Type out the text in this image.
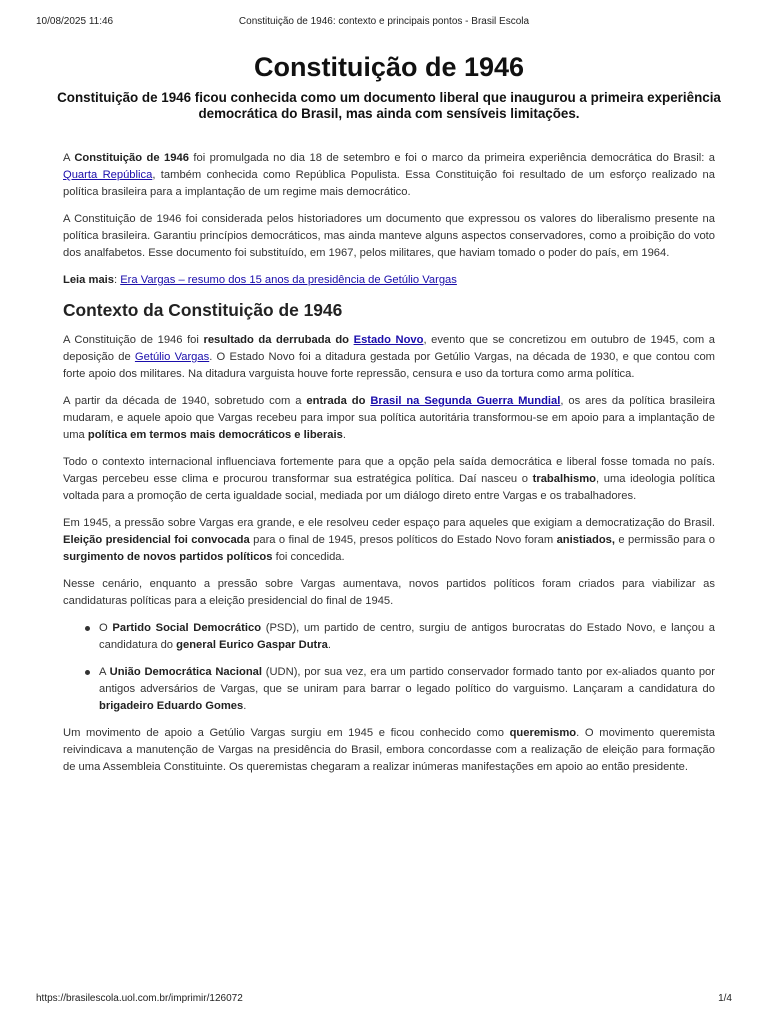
10/08/2025 11:46	Constituição de 1946: contexto e principais pontos - Brasil Escola
Constituição de 1946
Constituição de 1946 ficou conhecida como um documento liberal que inaugurou a primeira experiência democrática do Brasil, mas ainda com sensíveis limitações.

A Constituição de 1946 foi promulgada no dia 18 de setembro e foi o marco da primeira experiência democrática do Brasil: a Quarta República, também conhecida como República Populista. Essa Constituição foi resultado de um esforço realizado na política brasileira para a implantação de um regime mais democrático.

A Constituição de 1946 foi considerada pelos historiadores um documento que expressou os valores do liberalismo presente na política brasileira. Garantiu princípios democráticos, mas ainda manteve alguns aspectos conservadores, como a proibição do voto dos analfabetos. Esse documento foi substituído, em 1967, pelos militares, que haviam tomado o poder do país, em 1964.

Leia mais: Era Vargas – resumo dos 15 anos da presidência de Getúlio Vargas

Contexto da Constituição de 1946

A Constituição de 1946 foi resultado da derrubada do Estado Novo, evento que se concretizou em outubro de 1945, com a deposição de Getúlio Vargas. O Estado Novo foi a ditadura gestada por Getúlio Vargas, na década de 1930, e que contou com forte apoio dos militares. Na ditadura varguista houve forte repressão, censura e uso da tortura como arma política.

A partir da década de 1940, sobretudo com a entrada do Brasil na Segunda Guerra Mundial, os ares da política brasileira mudaram, e aquele apoio que Vargas recebeu para impor sua política autoritária transformou-se em apoio para a implantação de uma política em termos mais democráticos e liberais.

Todo o contexto internacional influenciava fortemente para que a opção pela saída democrática e liberal fosse tomada no país. Vargas percebeu esse clima e procurou transformar sua estratégica política. Daí nasceu o trabalhismo, uma ideologia política voltada para a promoção de certa igualdade social, mediada por um diálogo direto entre Vargas e os trabalhadores.

Em 1945, a pressão sobre Vargas era grande, e ele resolveu ceder espaço para aqueles que exigiam a democratização do Brasil. Eleição presidencial foi convocada para o final de 1945, presos políticos do Estado Novo foram anistiados, e permissão para o surgimento de novos partidos políticos foi concedida.

Nesse cenário, enquanto a pressão sobre Vargas aumentava, novos partidos políticos foram criados para viabilizar as candidaturas políticas para a eleição presidencial do final de 1945.

O Partido Social Democrático (PSD), um partido de centro, surgiu de antigos burocratas do Estado Novo, e lançou a candidatura do general Eurico Gaspar Dutra.
A União Democrática Nacional (UDN), por sua vez, era um partido conservador formado tanto por ex-aliados quanto por antigos adversários de Vargas, que se uniram para barrar o legado político do varguismo. Lançaram a candidatura do brigadeiro Eduardo Gomes.

Um movimento de apoio a Getúlio Vargas surgiu em 1945 e ficou conhecido como queremismo. O movimento queremista reivindicava a manutenção de Vargas na presidência do Brasil, embora concordasse com a realização de eleição para formação de uma Assembleia Constituinte. Os queremistas chegaram a realizar inúmeras manifestações em apoio ao então presidente.

https://brasilescola.uol.com.br/imprimir/126072	1/4
